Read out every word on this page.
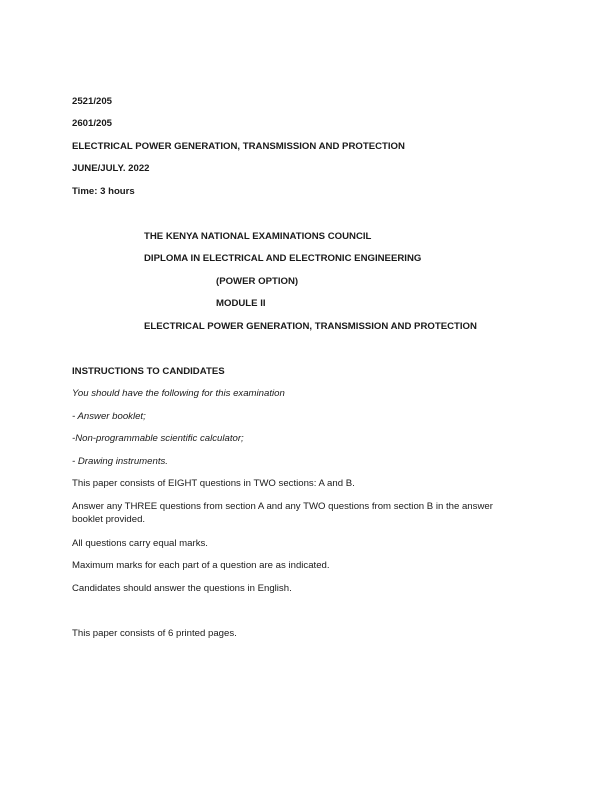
2521/205
2601/205
ELECTRICAL POWER GENERATION, TRANSMISSION AND PROTECTION
JUNE/JULY. 2022
Time: 3 hours
THE KENYA NATIONAL EXAMINATIONS COUNCIL
DIPLOMA IN ELECTRICAL AND ELECTRONIC ENGINEERING
(POWER OPTION)
MODULE II
ELECTRICAL POWER GENERATION, TRANSMISSION AND PROTECTION
INSTRUCTIONS TO CANDIDATES
You should have the following for this examination
- Answer booklet;
-Non-programmable scientific calculator;
- Drawing instruments.
This paper consists of EIGHT questions in TWO sections: A and B.
Answer any THREE questions from section A and any TWO questions from section B in the answer booklet provided.
All questions carry equal marks.
Maximum marks for each part of a question are as indicated.
Candidates should answer the questions in English.
This paper consists of 6 printed pages.
